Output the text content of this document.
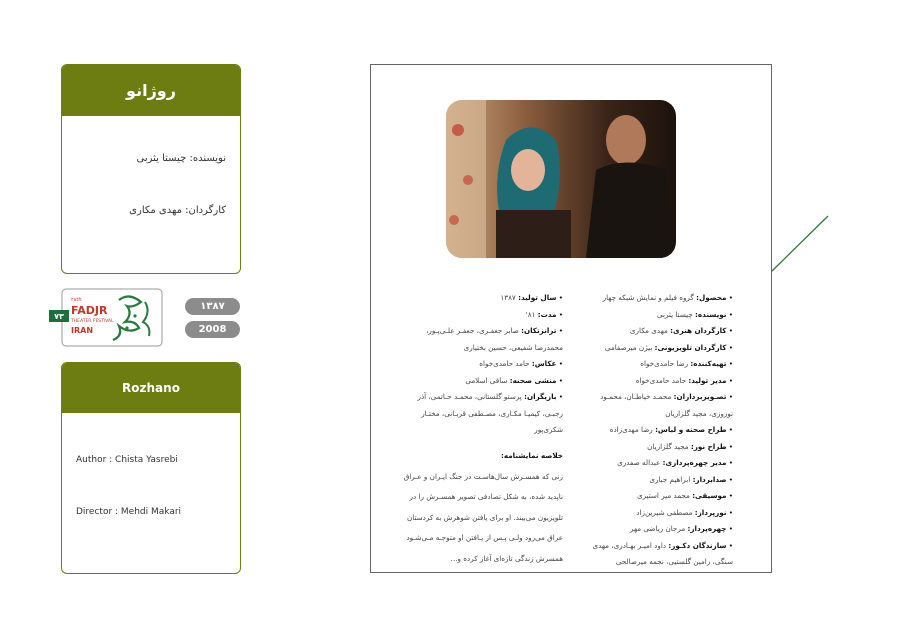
روژانو
نویسنده: چیستا یثربی
کارگردان: مهدی مکاری
۷۳
۲۸th
FADJR
THEATER FESTIVAL
IRAN
۱۳۸۷
2008
Rozhano
Author : Chista Yasrebi
Director : Mehdi Makari
• محصول: گروه فیلم و نمایش شبکه چهار
• نویسنده: چیستا یثربی
• کارگردان هنری: مهدی مکاری
• کارگردان تلویزیونی: بیژن میرصفامی
• تهیه‌کننده: رضا حامدی‌خواه
• مدیر تولید: حامد حامدی‌خواه
• تصـویربرداران: محمـد خیاطـان، محمـود
نوروزی، مجید گلزاریان
• طراح صحنه و لباس: رضا مهدی‌زاده
• طراح نور: مجید گلزاریان
• مدیر چهره‌پردازی: عبداله صفدری
• صدابردار: ابراهیم جباری
• موسیقی: محمد میر استیری
• نورپرداز: مصطفی شیرین‌زاد
• چهره‌پرداز: مرجان ریاضی مهر
• سازندگان دکـور: داود امیـر بهـادری، مهدی
سنگی، رامین گلستیی، نجمه میرصالحی
• سال تولید: ۱۳۸۷
• مدت: ۸۱'
• ترانزتکان: صابر جعفـری، جعفـر علـی‌پـور،
محمدرضا شفیعی، حسین بختیاری
• عکاس: حامد حامدی‌خواه
• منشی صحنه: ساقی اسلامی
• بازیگران: پرستو گلستانی، محمـد حـاتمی، آذر
رجبـی، کیمیـا مکـاری، مصـطفی قربـانی، مختـار
شکری‌پور
خلاصه نمایشنامه:
زنی که همسـرش سال‌هاسـت در جنگ ایـران و عـراق
ناپدید شده، به شکل تصادفی تصویر همسـرش را در
تلویزیون می‌بیند. او برای یافتن شوهرش به کردستان
عراق می‌رود ولـی پـس از یـافتن او متوجـه مـی‌شـود
همسرش زندگی تازه‌ای آغاز کرده و...
